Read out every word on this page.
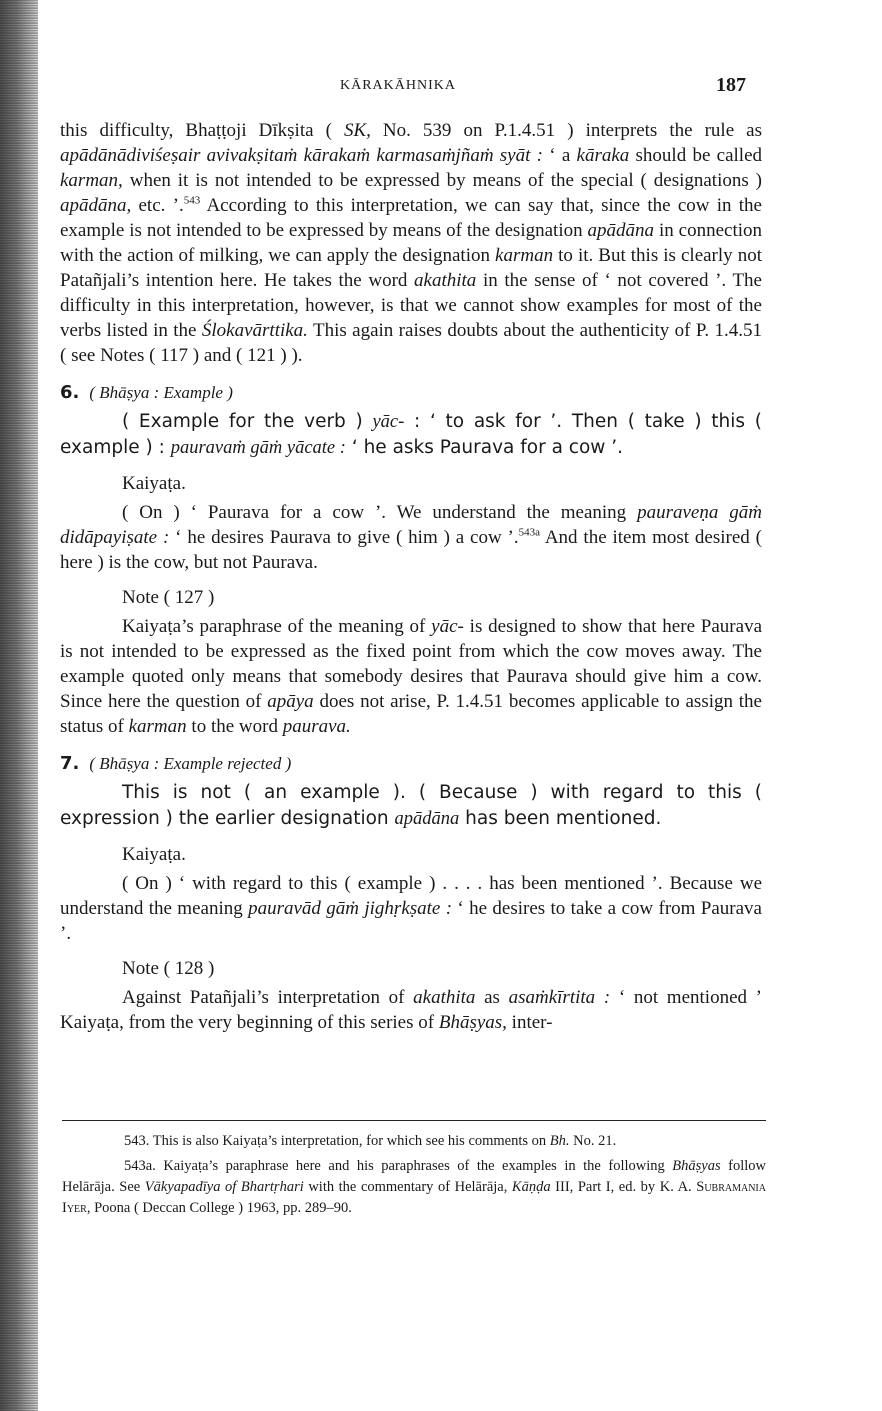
KĀRAKĀHNIKA	187

this difficulty, Bhaṭṭoji Dīkṣita ( SK, No. 539 on P.1.4.51 ) interprets the rule as apādānādiviśeṣair avivakṣitaṁ kārakaṁ karmasaṁjñaṁ syāt : ‘ a kāraka should be called karman, when it is not intended to be expressed by means of the special ( designations ) apādāna, etc. ’.$^{543}$ According to this interpretation, we can say that, since the cow in the example is not intended to be expressed by means of the designation apādāna in connection with the action of milking, we can apply the designation karman to it. But this is clearly not Patañjali’s intention here. He takes the word akathita in the sense of ‘ not covered ’. The difficulty in this interpretation, however, is that we cannot show examples for most of the verbs listed in the Ślokavārttika. This again raises doubts about the authenticity of P. 1.4.51 ( see Notes ( 117 ) and ( 121 ) ).

6. ( Bhāṣya : Example )

( Example for the verb ) yāc- : ‘ to ask for ’. Then ( take ) this ( example ) : pauravaṁ gāṁ yācate : ‘ he asks Paurava for a cow ’.

Kaiyaṭa.

( On ) ‘ Paurava for a cow ’. We understand the meaning pauraveṇa gāṁ didāpayiṣate : ‘ he desires Paurava to give ( him ) a cow ’.$^{543a}$ And the item most desired ( here ) is the cow, but not Paurava.

Note ( 127 )

Kaiyaṭa’s paraphrase of the meaning of yāc- is designed to show that here Paurava is not intended to be expressed as the fixed point from which the cow moves away. The example quoted only means that somebody desires that Paurava should give him a cow. Since here the question of apāya does not arise, P. 1.4.51 becomes applicable to assign the status of karman to the word paurava.

7. ( Bhāṣya : Example rejected )

This is not ( an example ). ( Because ) with regard to this ( expression ) the earlier designation apādāna has been mentioned.

Kaiyaṭa.

( On ) ‘ with regard to this ( example ) . . . . has been mentioned ’. Because we understand the meaning pauravād gāṁ jighṛkṣate : ‘ he desires to take a cow from Paurava ’.

Note ( 128 )

Against Patañjali’s interpretation of akathita as asaṁkīrtita : ‘ not mentioned ’ Kaiyaṭa, from the very beginning of this series of Bhāṣyas, inter-

543. This is also Kaiyaṭa’s interpretation, for which see his comments on Bh. No. 21.

543a. Kaiyaṭa’s paraphrase here and his paraphrases of the examples in the following Bhāṣyas follow Helārāja. See Vākyapadīya of Bhartṛhari with the commentary of Helārāja, Kāṇḍa III, Part I, ed. by K. A. Subramania Iyer, Poona ( Deccan College ) 1963, pp. 289–90.
